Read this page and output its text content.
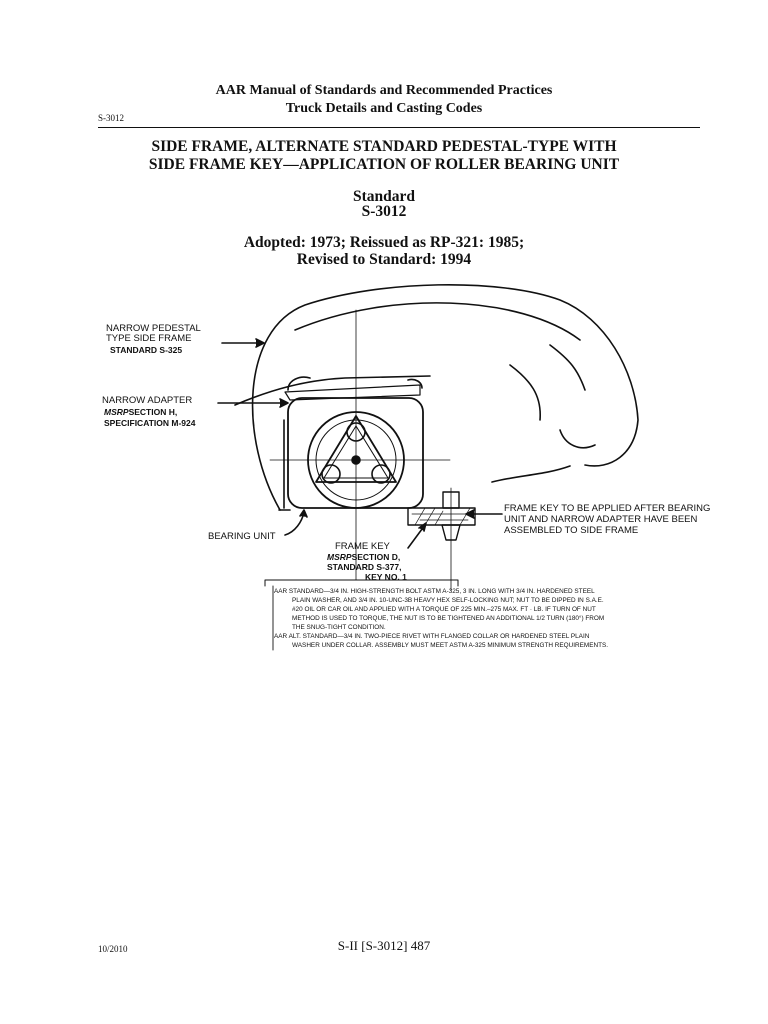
AAR Manual of Standards and Recommended Practices
Truck Details and Casting Codes
S-3012
SIDE FRAME, ALTERNATE STANDARD PEDESTAL-TYPE WITH
SIDE FRAME KEY—APPLICATION OF ROLLER BEARING UNIT
Standard
S-3012
Adopted: 1973; Reissued as RP-321: 1985;
Revised to Standard: 1994
NARROW PEDESTAL
TYPE SIDE FRAME
STANDARD S-325
NARROW ADAPTER
MSRPSECTION H,
SPECIFICATION M-924
BEARING UNIT
FRAME KEY
MSRPSECTION D,
STANDARD S-377,
KEY NO. 1
FRAME KEY TO BE APPLIED AFTER BEARING
UNIT AND NARROW ADAPTER HAVE BEEN
ASSEMBLED TO SIDE FRAME
AAR STANDARD—3/4 IN. HIGH-STRENGTH BOLT ASTM A-325, 3 IN. LONG WITH 3/4 IN. HARDENED STEEL
PLAIN WASHER, AND 3/4 IN. 10-UNC-3B HEAVY HEX SELF-LOCKING NUT; NUT TO BE DIPPED IN S.A.E.
#20 OIL OR CAR OIL AND APPLIED WITH A TORQUE OF 225 MIN.–275 MAX. FT · LB. IF TURN OF NUT
METHOD IS USED TO TORQUE, THE NUT IS TO BE TIGHTENED AN ADDITIONAL 1/2 TURN (180°) FROM
THE SNUG-TIGHT CONDITION.
AAR ALT. STANDARD—3/4 IN. TWO-PIECE RIVET WITH FLANGED COLLAR OR HARDENED STEEL PLAIN
WASHER UNDER COLLAR. ASSEMBLY MUST MEET ASTM A-325 MINIMUM STRENGTH REQUIREMENTS.
10/2010	S-II [S-3012] 487
